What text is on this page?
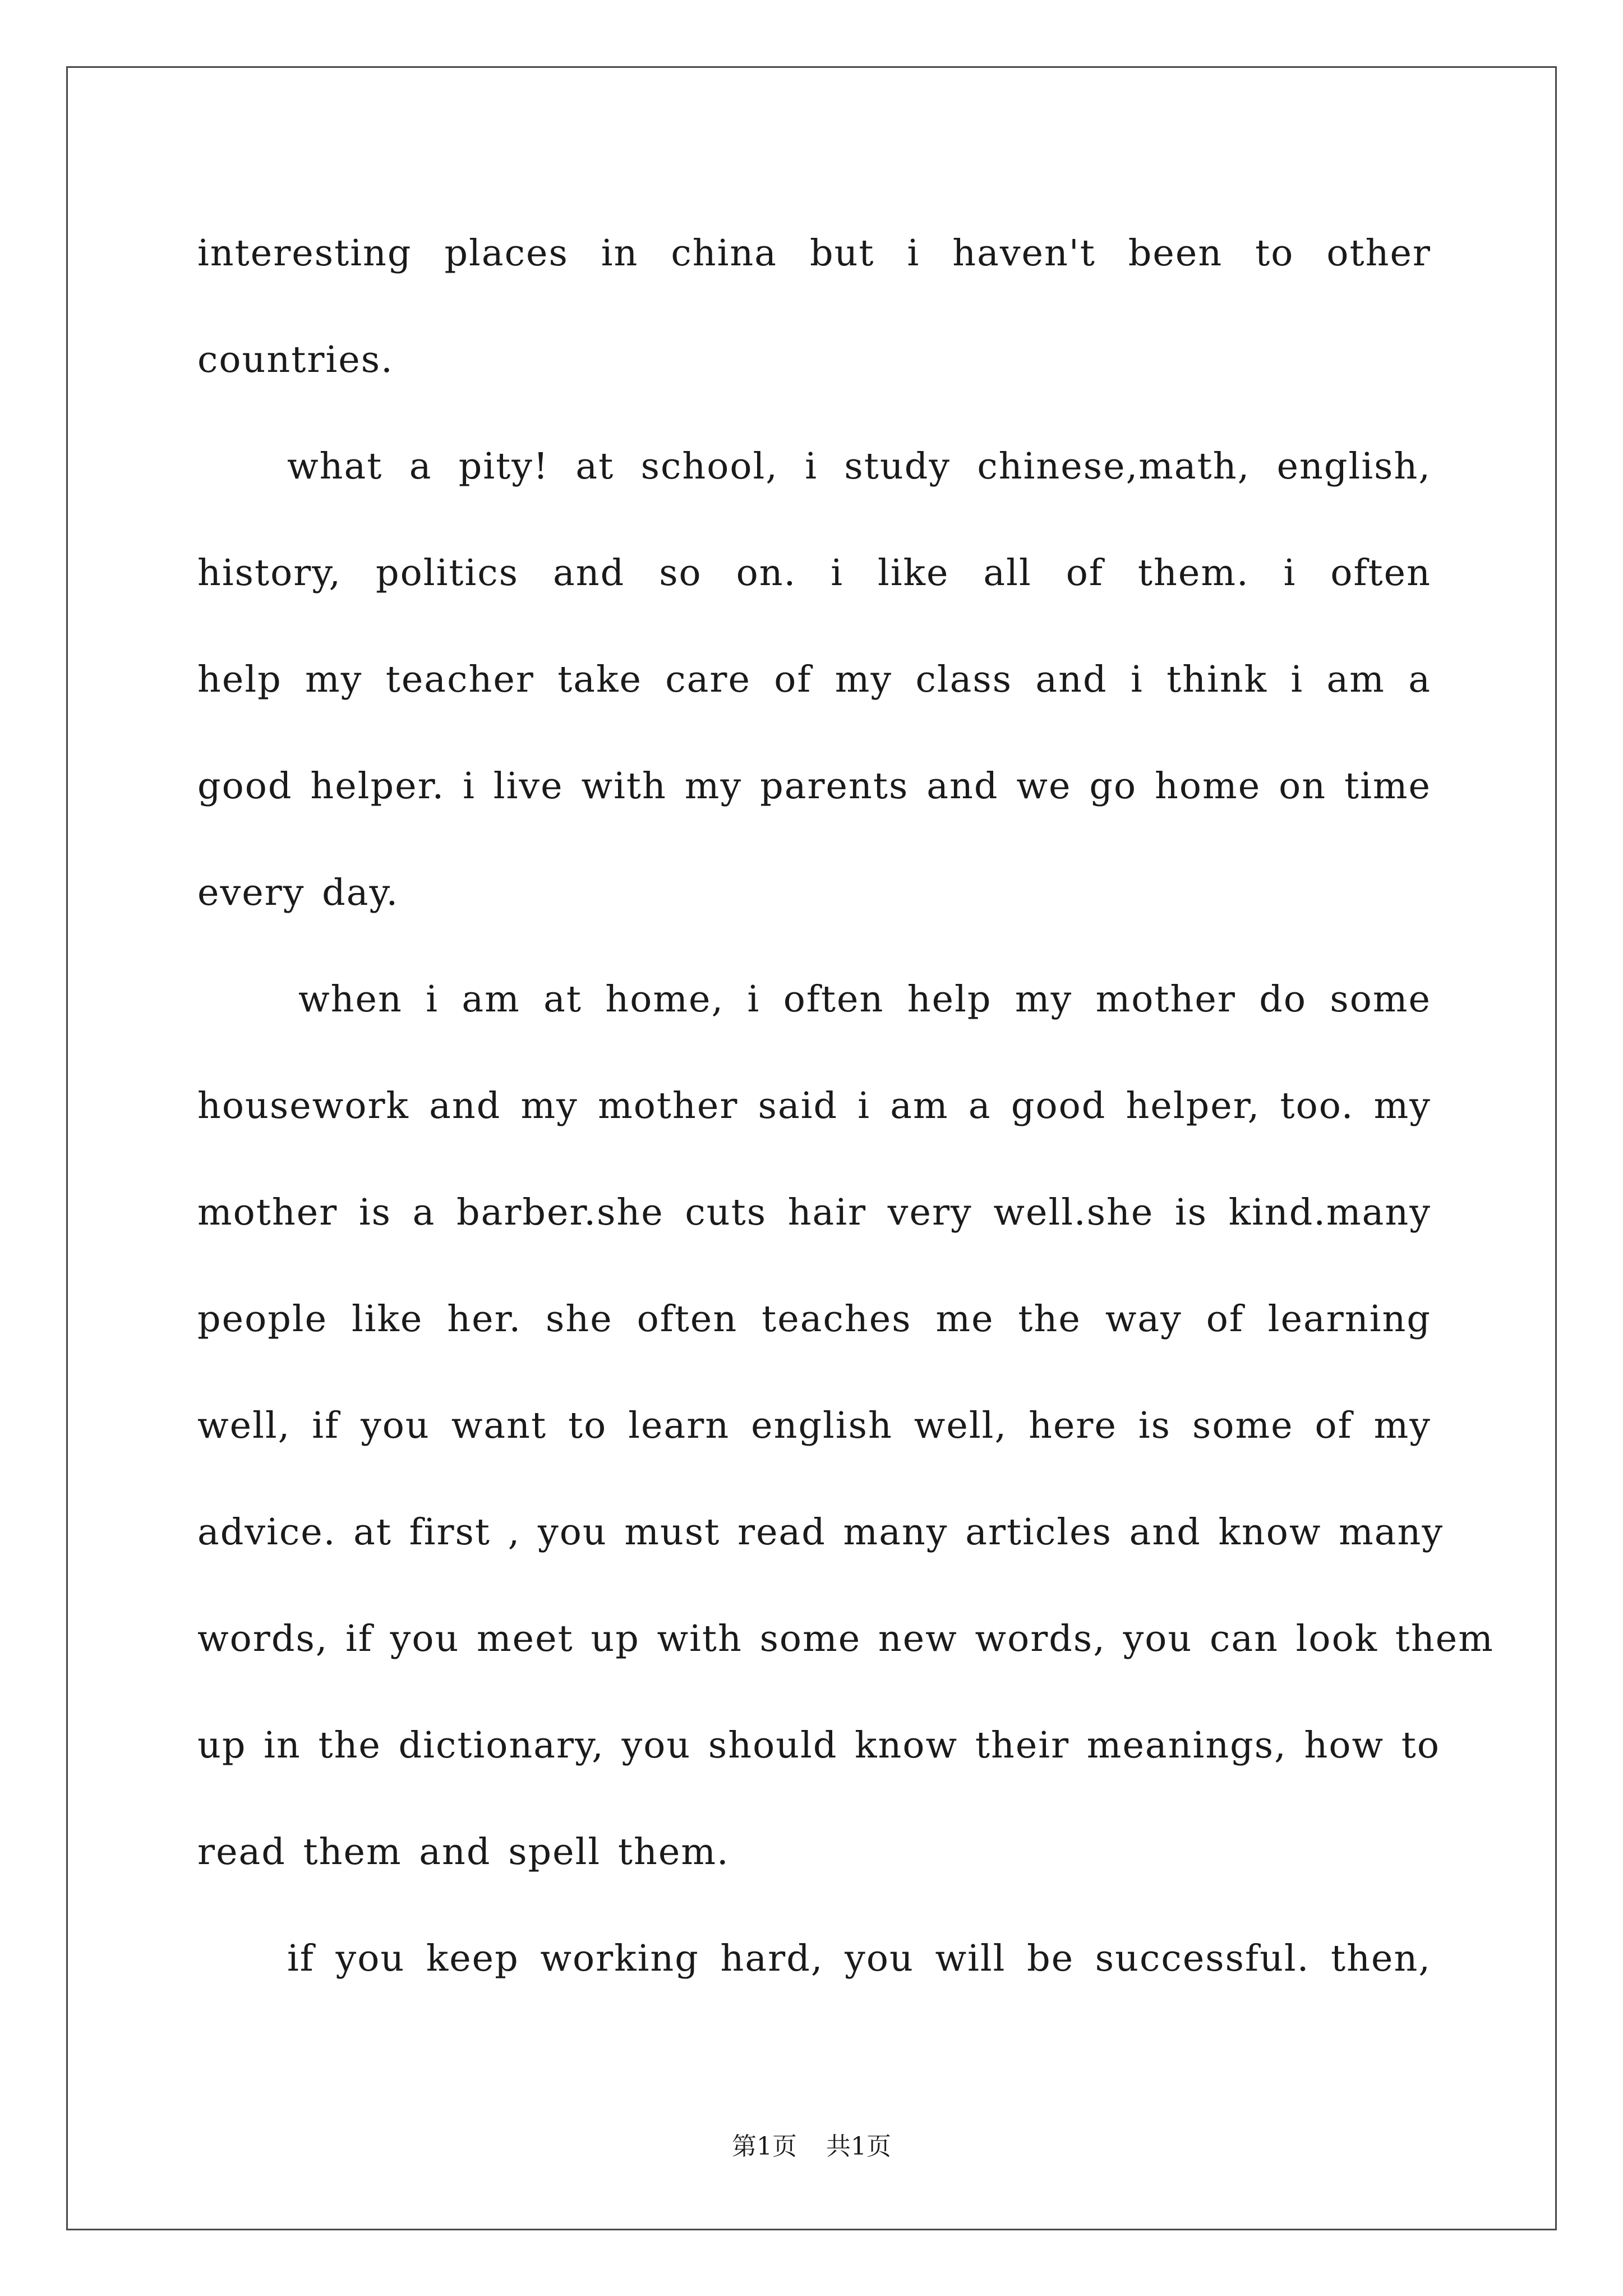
interesting places in china but i haven't been to other
countries.
what a pity! at school, i study chinese,math, english,
history, politics and so on. i like all of them. i often
help my teacher take care of my class and i think i am a
good helper. i live with my parents and we go home on time
every day.
when i am at home, i often help my mother do some
housework and my mother said i am a good helper, too. my
mother is a barber.she cuts hair very well.she is kind.many
people like her. she often teaches me the way of learning
well, if you want to learn english well, here is some of my
advice. at first , you must read many articles and know many
words, if you meet up with some new words, you can look them
up in the dictionary, you should know their meanings, how to
read them and spell them.
if you keep working hard, you will be successful. then,
第1页 共1页
